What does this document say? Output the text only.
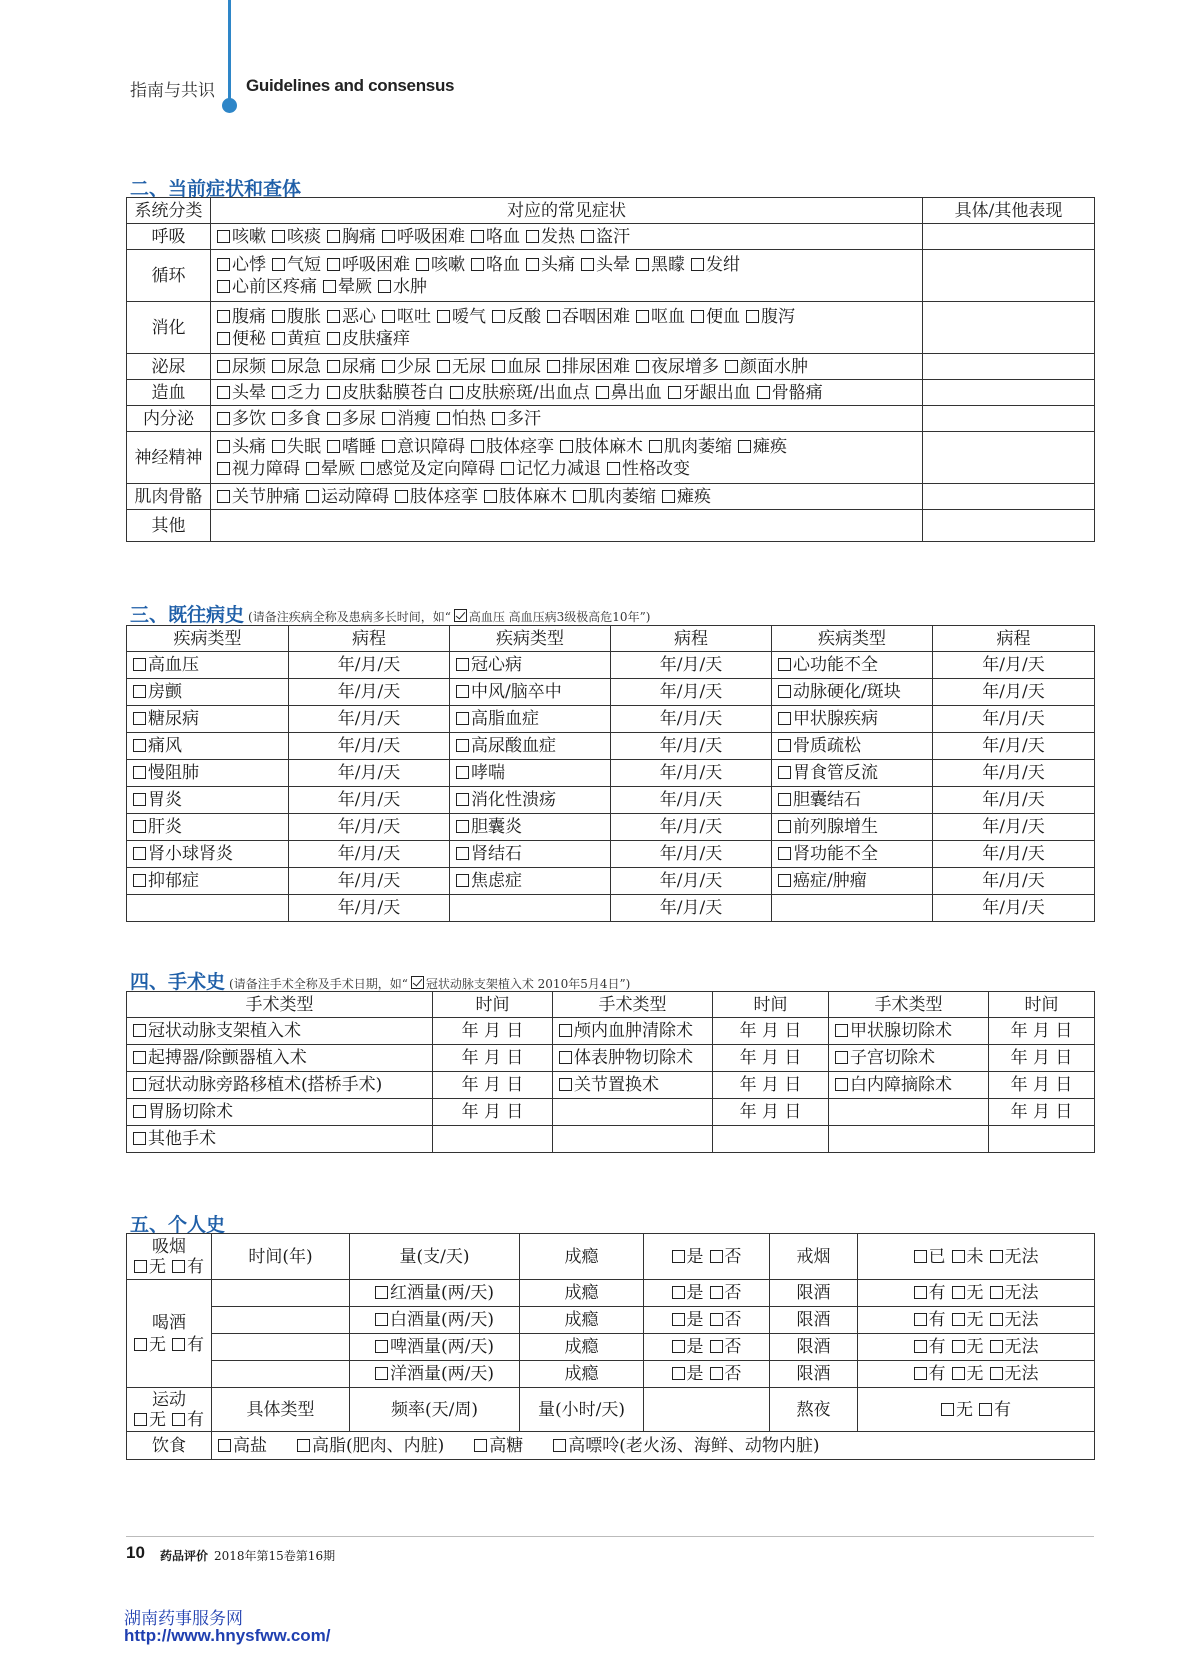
指南与共识 Guidelines and consensus
二、当前症状和查体
系统分类	对应的常见症状	具体/其他表现
呼吸	咳嗽 咳痰 胸痛 呼吸困难 咯血 发热 盗汗	
循环	心悸 气短 呼吸困难 咳嗽 咯血 头痛 头晕 黑矇 发绀
心前区疼痛 晕厥 水肿	
消化	腹痛 腹胀 恶心 呕吐 嗳气 反酸 吞咽困难 呕血 便血 腹泻
便秘 黄疸 皮肤瘙痒	
泌尿	尿频 尿急 尿痛 少尿 无尿 血尿 排尿困难 夜尿增多 颜面水肿	
造血	头晕 乏力 皮肤黏膜苍白 皮肤瘀斑/出血点 鼻出血 牙龈出血 骨骼痛	
内分泌	多饮 多食 多尿 消瘦 怕热 多汗	
神经精神	头痛 失眠 嗜睡 意识障碍 肢体痉挛 肢体麻木 肌肉萎缩 瘫痪
视力障碍 晕厥 感觉及定向障碍 记忆力减退 性格改变	
肌肉骨骼	关节肿痛 运动障碍 肢体痉挛 肢体麻木 肌肉萎缩 瘫痪	
其他		
三、既往病史 (请备注疾病全称及患病多长时间，如“ 高血压 高血压病3级极高危10年”)
疾病类型	病程	疾病类型	病程	疾病类型	病程
高血压	年/月/天	冠心病	年/月/天	心功能不全	年/月/天
房颤	年/月/天	中风/脑卒中	年/月/天	动脉硬化/斑块	年/月/天
糖尿病	年/月/天	高脂血症	年/月/天	甲状腺疾病	年/月/天
痛风	年/月/天	高尿酸血症	年/月/天	骨质疏松	年/月/天
慢阻肺	年/月/天	哮喘	年/月/天	胃食管反流	年/月/天
胃炎	年/月/天	消化性溃疡	年/月/天	胆囊结石	年/月/天
肝炎	年/月/天	胆囊炎	年/月/天	前列腺增生	年/月/天
肾小球肾炎	年/月/天	肾结石	年/月/天	肾功能不全	年/月/天
抑郁症	年/月/天	焦虑症	年/月/天	癌症/肿瘤	年/月/天
	年/月/天		年/月/天		年/月/天
四、手术史 (请备注手术全称及手术日期，如“ 冠状动脉支架植入术 2010年5月4日”)
手术类型	时间	手术类型	时间	手术类型	时间
冠状动脉支架植入术	年 月 日	颅内血肿清除术	年 月 日	甲状腺切除术	年 月 日
起搏器/除颤器植入术	年 月 日	体表肿物切除术	年 月 日	子宫切除术	年 月 日
冠状动脉旁路移植术(搭桥手术)	年 月 日	关节置换术	年 月 日	白内障摘除术	年 月 日
胃肠切除术	年 月 日		年 月 日		年 月 日
其他手术					
五、个人史
吸烟
无 有	时间(年)	量(支/天)	成瘾	是 否	戒烟	已 未 无法
喝酒
无 有		红酒量(两/天)	成瘾	是 否	限酒	有 无 无法
		白酒量(两/天)	成瘾	是 否	限酒	有 无 无法
		啤酒量(两/天)	成瘾	是 否	限酒	有 无 无法
		洋酒量(两/天)	成瘾	是 否	限酒	有 无 无法
运动
无 有	具体类型	频率(天/周)	量(小时/天)		熬夜	无 有
饮食	高盐 高脂(肥肉、内脏) 高糖 高嘌呤(老火汤、海鲜、动物内脏)					
10 药品评价 2018年第15卷第16期
湖南药事服务网
http://www.hnysfww.com/
